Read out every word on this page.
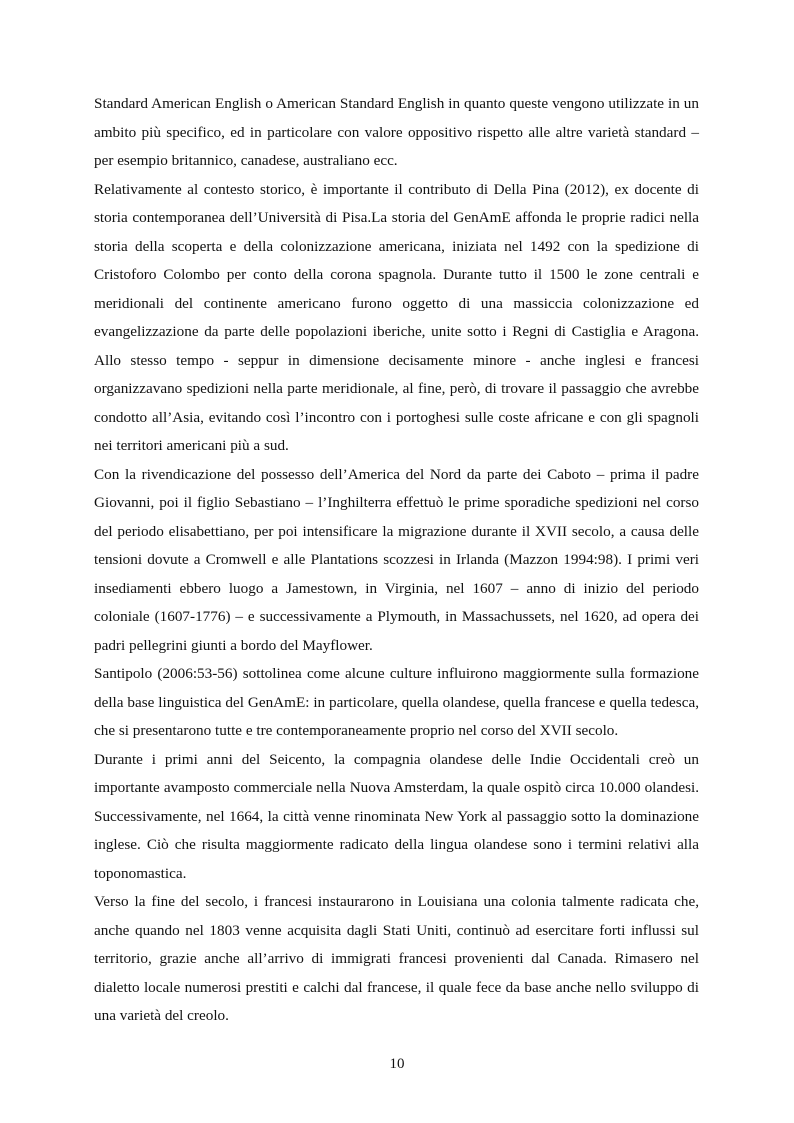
Standard American English o American Standard English in quanto queste vengono utilizzate in un ambito più specifico, ed in particolare con valore oppositivo rispetto alle altre varietà standard – per esempio britannico, canadese, australiano ecc.

Relativamente al contesto storico, è importante il contributo di Della Pina (2012), ex docente di storia contemporanea dell’Università di Pisa.La storia del GenAmE affonda le proprie radici nella storia della scoperta e della colonizzazione americana, iniziata nel 1492 con la spedizione di Cristoforo Colombo per conto della corona spagnola. Durante tutto il 1500 le zone centrali e meridionali del continente americano furono oggetto di una massiccia colonizzazione ed evangelizzazione da parte delle popolazioni iberiche, unite sotto i Regni di Castiglia e Aragona. Allo stesso tempo - seppur in dimensione decisamente minore - anche inglesi e francesi organizzavano spedizioni nella parte meridionale, al fine, però, di trovare il passaggio che avrebbe condotto all’Asia, evitando così l’incontro con i portoghesi sulle coste africane e con gli spagnoli nei territori americani più a sud.

Con la rivendicazione del possesso dell’America del Nord da parte dei Caboto – prima il padre Giovanni, poi il figlio Sebastiano – l’Inghilterra effettuò le prime sporadiche spedizioni nel corso del periodo elisabettiano, per poi intensificare la migrazione durante il XVII secolo, a causa delle tensioni dovute a Cromwell e alle Plantations scozzesi in Irlanda (Mazzon 1994:98). I primi veri insediamenti ebbero luogo a Jamestown, in Virginia, nel 1607 – anno di inizio del periodo coloniale (1607-1776) – e successivamente a Plymouth, in Massachussets, nel 1620, ad opera dei padri pellegrini giunti a bordo del Mayflower.

Santipolo (2006:53-56) sottolinea come alcune culture influirono maggiormente sulla formazione della base linguistica del GenAmE: in particolare, quella olandese, quella francese e quella tedesca, che si presentarono tutte e tre contemporaneamente proprio nel corso del XVII secolo.

Durante i primi anni del Seicento, la compagnia olandese delle Indie Occidentali creò un importante avamposto commerciale nella Nuova Amsterdam, la quale ospitò circa 10.000 olandesi. Successivamente, nel 1664, la città venne rinominata New York al passaggio sotto la dominazione inglese. Ciò che risulta maggiormente radicato della lingua olandese sono i termini relativi alla toponomastica.

Verso la fine del secolo, i francesi instaurarono in Louisiana una colonia talmente radicata che, anche quando nel 1803 venne acquisita dagli Stati Uniti, continuò ad esercitare forti influssi sul territorio, grazie anche all’arrivo di immigrati francesi provenienti dal Canada. Rimasero nel dialetto locale numerosi prestiti e calchi dal francese, il quale fece da base anche nello sviluppo di una varietà del creolo.

10
